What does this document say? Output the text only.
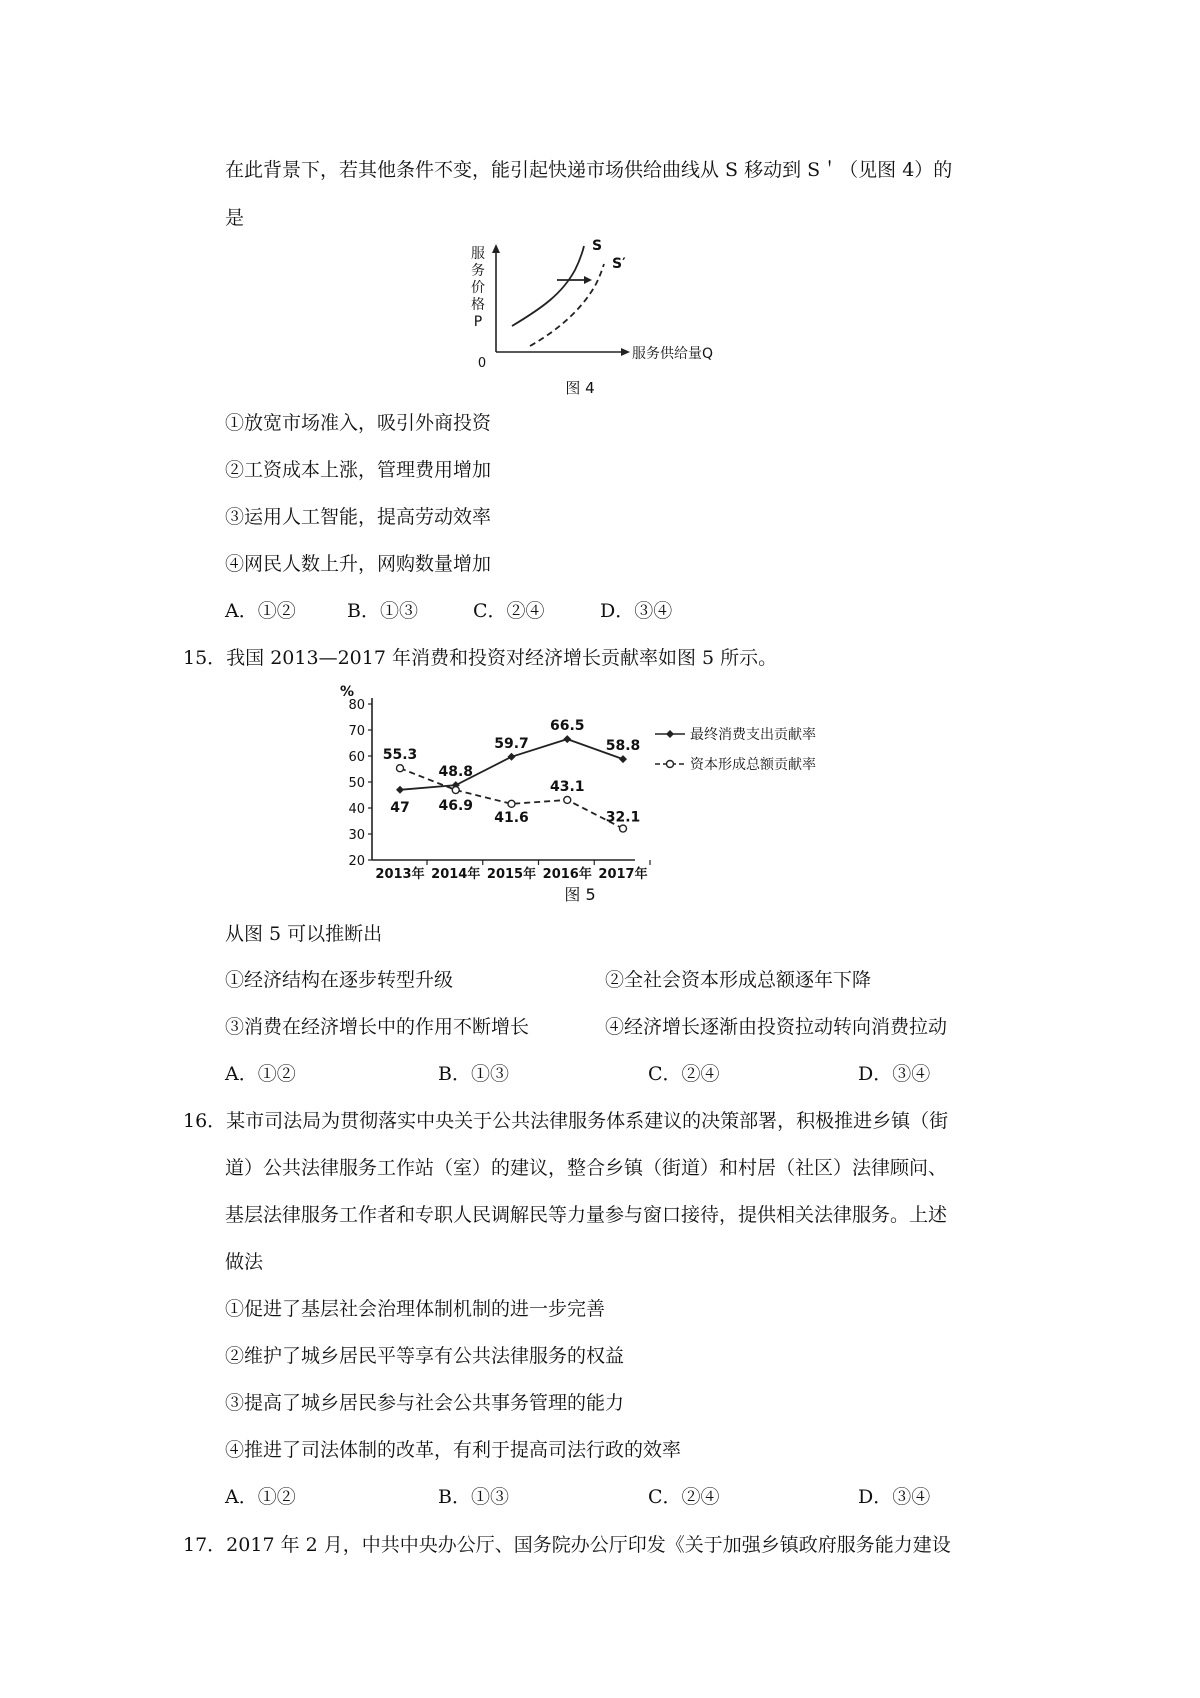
在此背景下，若其他条件不变，能引起快递市场供给曲线从 S 移动到 S＇（见图 4）的
是
服
务
价
格
P
0
服务供给量Q
S
S′
图 4
①放宽市场准入，吸引外商投资
②工资成本上涨，管理费用增加
③运用人工智能，提高劳动效率
④网民人数上升，网购数量增加
A．①②	B．①③	C．②④	D．③④
15．我国 2013—2017 年消费和投资对经济增长贡献率如图 5 所示。
%
20
30
40
50
60
70
80
2013年 2014年 2015年 2016年 2017年
47
48.8
59.7
66.5
58.8
55.3
46.9
41.6
43.1
32.1
最终消费支出贡献率
资本形成总额贡献率
图 5
从图 5 可以推断出
①经济结构在逐步转型升级	②全社会资本形成总额逐年下降
③消费在经济增长中的作用不断增长	④经济增长逐渐由投资拉动转向消费拉动
A．①②	B．①③	C．②④	D．③④
16．某市司法局为贯彻落实中央关于公共法律服务体系建议的决策部署，积极推进乡镇（街
道）公共法律服务工作站（室）的建议，整合乡镇（街道）和村居（社区）法律顾问、
基层法律服务工作者和专职人民调解民等力量参与窗口接待，提供相关法律服务。上述
做法
①促进了基层社会治理体制机制的进一步完善
②维护了城乡居民平等享有公共法律服务的权益
③提高了城乡居民参与社会公共事务管理的能力
④推进了司法体制的改革，有利于提高司法行政的效率
A．①②	B．①③	C．②④	D．③④
17．2017 年 2 月，中共中央办公厅、国务院办公厅印发《关于加强乡镇政府服务能力建设
